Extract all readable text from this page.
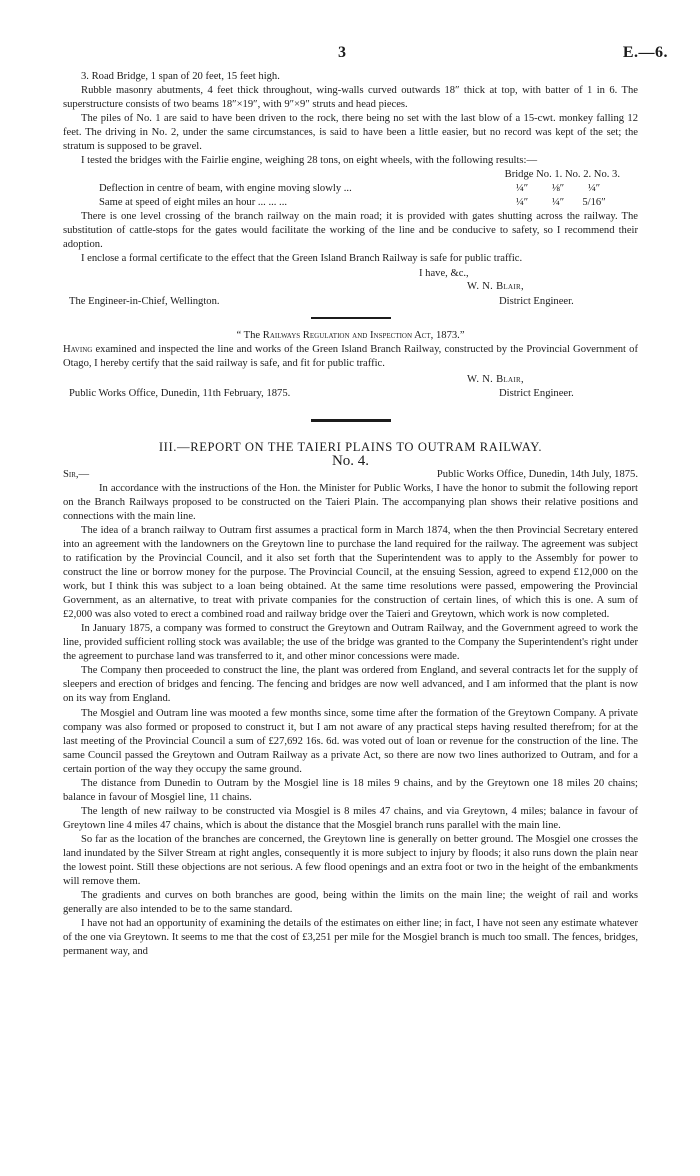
3	E.—6.

3. Road Bridge, 1 span of 20 feet, 15 feet high.

Rubble masonry abutments, 4 feet thick throughout, wing-walls curved outwards 18″ thick at top, with batter of 1 in 6. The superstructure consists of two beams 18″×19″, with 9″×9″ struts and head pieces.

The piles of No. 1 are said to have been driven to the rock, there being no set with the last blow of a 15-cwt. monkey falling 12 feet. The driving in No. 2, under the same circumstances, is said to have been a little easier, but no record was kept of the set; the stratum is supposed to be gravel.

I tested the bridges with the Fairlie engine, weighing 28 tons, on eight wheels, with the following results:—

Bridge No. 1. No. 2. No. 3.
Deflection in centre of beam, with engine moving slowly ...	¼″	⅛″	¼″
Same at speed of eight miles an hour ... ... ...	¼″	¼″	5/16″

There is one level crossing of the branch railway on the main road; it is provided with gates shutting across the railway. The substitution of cattle-stops for the gates would facilitate the working of the line and be conducive to safety, so I recommend their adoption.

I enclose a formal certificate to the effect that the Green Island Branch Railway is safe for public traffic.

I have, &c.,
W. N. Blair,
The Engineer-in-Chief, Wellington.	District Engineer.

“ The Railways Regulation and Inspection Act, 1873.”

Having examined and inspected the line and works of the Green Island Branch Railway, constructed by the Provincial Government of Otago, I hereby certify that the said railway is safe, and fit for public traffic.

W. N. Blair,
Public Works Office, Dunedin, 11th February, 1875.	District Engineer.

III.—REPORT ON THE TAIERI PLAINS TO OUTRAM RAILWAY.

No. 4.

Sir,—	Public Works Office, Dunedin, 14th July, 1875.

In accordance with the instructions of the Hon. the Minister for Public Works, I have the honor to submit the following report on the Branch Railways proposed to be constructed on the Taieri Plain. The accompanying plan shows their relative positions and connections with the main line.

The idea of a branch railway to Outram first assumes a practical form in March 1874, when the then Provincial Secretary entered into an agreement with the landowners on the Greytown line to purchase the land required for the railway. The agreement was subject to ratification by the Provincial Council, and it also set forth that the Superintendent was to apply to the Assembly for power to construct the line or borrow money for the purpose. The Provincial Council, at the ensuing Session, agreed to expend £12,000 on the work, but I think this was subject to a loan being obtained. At the same time resolutions were passed, empowering the Provincial Government, as an alternative, to treat with private companies for the construction of certain lines, of which this is one. A sum of £2,000 was also voted to erect a combined road and railway bridge over the Taieri and Greytown, which work is now completed.

In January 1875, a company was formed to construct the Greytown and Outram Railway, and the Government agreed to work the line, provided sufficient rolling stock was available; the use of the bridge was granted to the Company the Superintendent's right under the agreement to purchase land was transferred to it, and other minor concessions were made.

The Company then proceeded to construct the line, the plant was ordered from England, and several contracts let for the supply of sleepers and erection of bridges and fencing. The fencing and bridges are now well advanced, and I am informed that the plant is now on its way from England.

The Mosgiel and Outram line was mooted a few months since, some time after the formation of the Greytown Company. A private company was also formed or proposed to construct it, but I am not aware of any practical steps having resulted therefrom; for at the last meeting of the Provincial Council a sum of £27,692 16s. 6d. was voted out of loan or revenue for the construction of the line. The same Council passed the Greytown and Outram Railway as a private Act, so there are now two lines authorized to Outram, and for a certain portion of the way they occupy the same ground.

The distance from Dunedin to Outram by the Mosgiel line is 18 miles 9 chains, and by the Greytown one 18 miles 20 chains; balance in favour of Mosgiel line, 11 chains.

The length of new railway to be constructed via Mosgiel is 8 miles 47 chains, and via Greytown, 4 miles; balance in favour of Greytown line 4 miles 47 chains, which is about the distance that the Mosgiel branch runs parallel with the main line.

So far as the location of the branches are concerned, the Greytown line is generally on better ground. The Mosgiel one crosses the land inundated by the Silver Stream at right angles, consequently it is more subject to injury by floods; it also runs down the plain near the lowest point. Still these objections are not serious. A few flood openings and an extra foot or two in the height of the embankments will remove them.

The gradients and curves on both branches are good, being within the limits on the main line; the weight of rail and works generally are also intended to be to the same standard.

I have not had an opportunity of examining the details of the estimates on either line; in fact, I have not seen any estimate whatever of the one via Greytown. It seems to me that the cost of £3,251 per mile for the Mosgiel branch is much too small. The fences, bridges, permanent way, and
